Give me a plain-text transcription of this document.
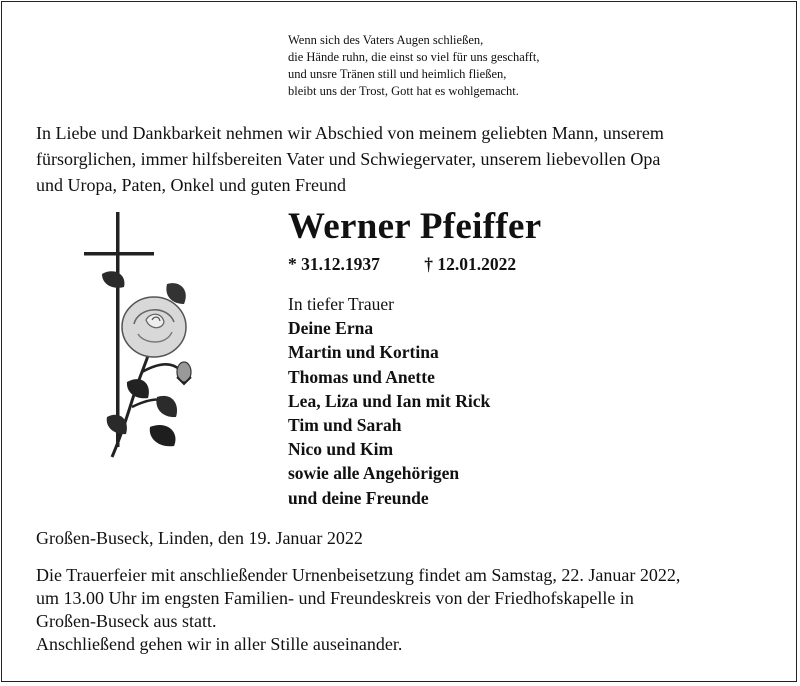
Wenn sich des Vaters Augen schließen,
die Hände ruhn, die einst so viel für uns geschafft,
und unsre Tränen still und heimlich fließen,
bleibt uns der Trost, Gott hat es wohlgemacht.
In Liebe und Dankbarkeit nehmen wir Abschied von meinem geliebten Mann, unserem
fürsorglichen, immer hilfsbereiten Vater und Schwiegervater, unserem liebevollen Opa
und Uropa, Paten, Onkel und guten Freund
Werner Pfeiffer
* 31.12.1937	† 12.01.2022
In tiefer Trauer
Deine Erna
Martin und Kortina
Thomas und Anette
Lea, Liza und Ian mit Rick
Tim und Sarah
Nico und Kim
sowie alle Angehörigen
und deine Freunde
Großen-Buseck, Linden, den 19. Januar 2022
Die Trauerfeier mit anschließender Urnenbeisetzung findet am Samstag, 22. Januar 2022,
um 13.00 Uhr im engsten Familien- und Freundeskreis von der Friedhofskapelle in
Großen-Buseck aus statt.
Anschließend gehen wir in aller Stille auseinander.
